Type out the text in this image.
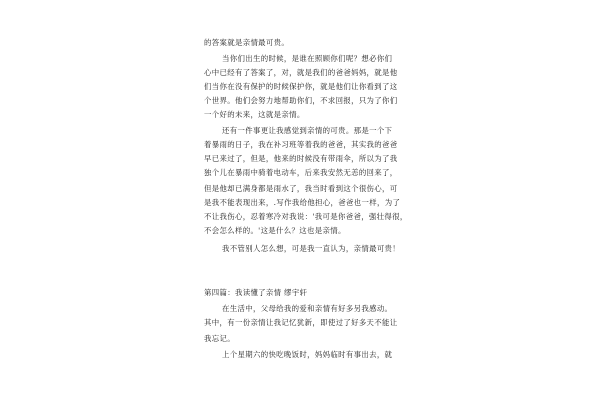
的答案就是亲情最可贵。
当你们出生的时候，是谁在照顾你们呢？想必你们
心中已经有了答案了，对，就是我们的爸爸妈妈，就是他
们当你在没有保护的时候保护你，就是他们让你看到了这
个世界。他们会努力地帮助你们，不求回报，只为了你们
一个好的未来，这就是亲情。
还有一件事更让我感觉到亲情的可贵。那是一个下
着暴雨的日子，我在补习班等着我的爸爸，其实我的爸爸
早已来过了，但是，他来的时候没有带雨伞，所以为了我
独个儿在暴雨中骑着电动车，后来我安然无恙的回来了，
但是他却已满身都是雨水了，我当时看到这个很伤心，可
是我不能表现出来，.写作我给他担心，爸爸也一样，为了
不让我伤心，忍着寒冷对我说：'我可是你爸爸，强壮得很，
不会怎么样的。'这是什么？这也是亲情。
我不管别人怎么想，可是我一直认为，亲情最可贵！
第四篇：我读懂了亲情 缪宇轩
在生活中，父母给我的爱和亲情有好多另我感动。
其中，有一份亲情让我记忆犹新，即使过了好多天不能让
我忘记。
上个星期六的快吃晚饭时，妈妈临时有事出去，就
